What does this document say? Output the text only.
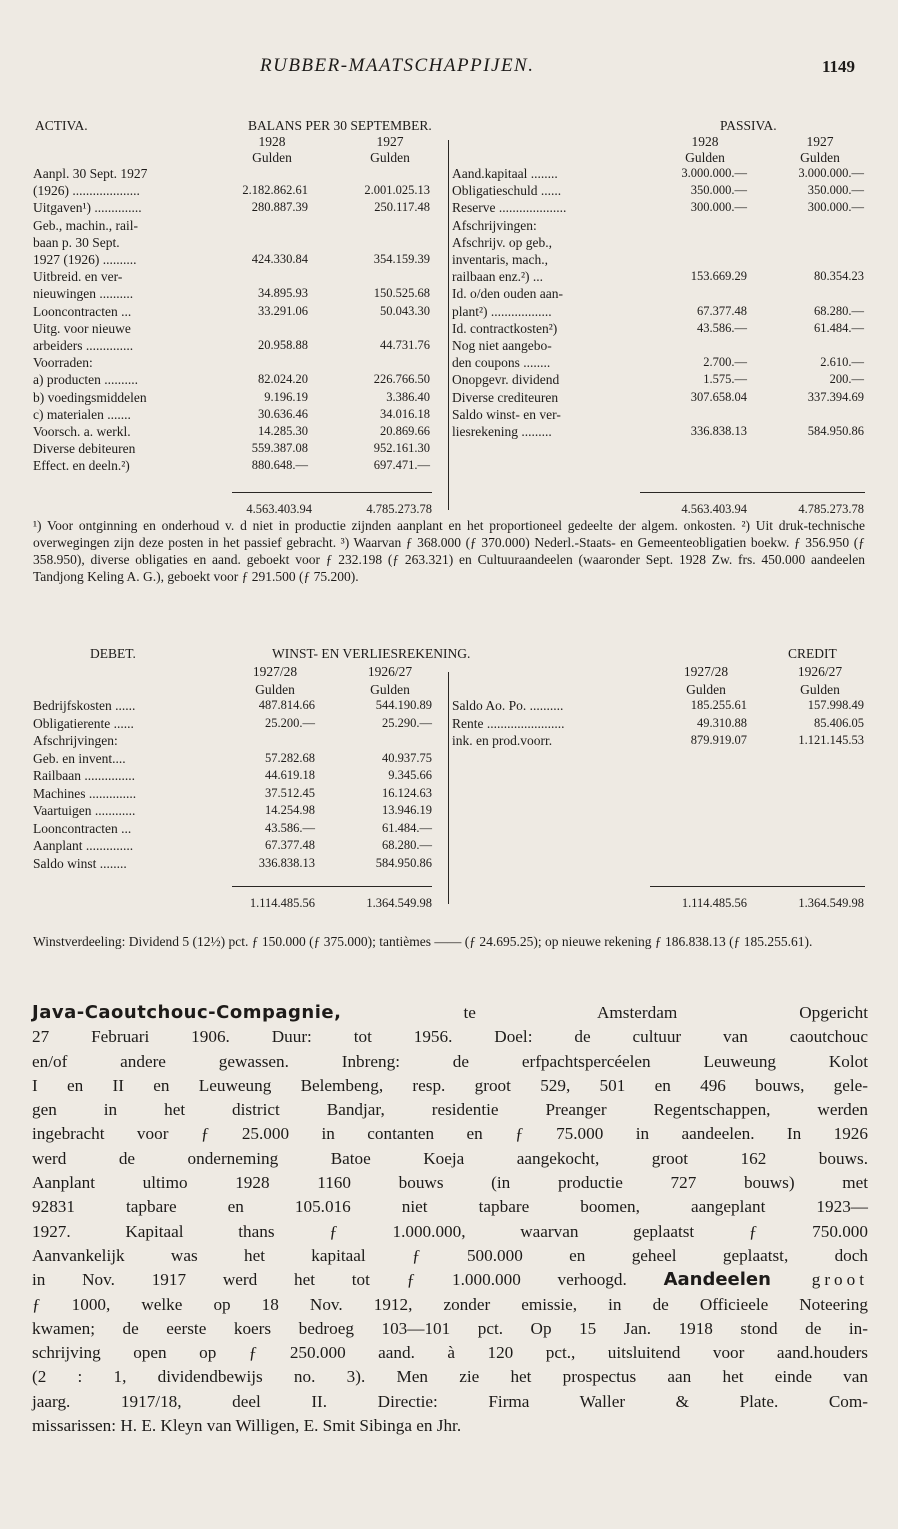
RUBBER-MAATSCHAPPIJEN.	1149
ACTIVA.	BALANS PER 30 SEPTEMBER.	PASSIVA.
1928	1927	1928	1927
Gulden	Gulden	Gulden	Gulden
Aanpl. 30 Sept. 1927
(1926) ....................	2.182.862.61	2.001.025.13
Uitgaven¹) ..............	280.887.39	250.117.48
Geb., machin., rail-
baan p. 30 Sept.
1927 (1926) ..........	424.330.84	354.159.39
Uitbreid. en ver-
nieuwingen ..........	34.895.93	150.525.68
Looncontracten ...	33.291.06	50.043.30
Uitg. voor nieuwe
arbeiders ..............	20.958.88	44.731.76
Voorraden:
a) producten ..........	82.024.20	226.766.50
b) voedingsmiddelen	9.196.19	3.386.40
c) materialen .......	30.636.46	34.016.18
Voorsch. a. werkl.	14.285.30	20.869.66
Diverse debiteuren	559.387.08	952.161.30
Effect. en deeln.²)	880.648.—	697.471.—
Aand.kapitaal ........	3.000.000.—	3.000.000.—
Obligatieschuld ......	350.000.—	350.000.—
Reserve ....................	300.000.—	300.000.—
Afschrijvingen:
Afschrijv. op geb.,
inventaris, mach.,
railbaan enz.²) ...	153.669.29	80.354.23
Id. o/den ouden aan-
plant²) ..................	67.377.48	68.280.—
Id. contractkosten²)	43.586.—	61.484.—
Nog niet aangebo-
den coupons ........	2.700.—	2.610.—
Onopgevr. dividend	1.575.—	200.—
Diverse crediteuren	307.658.04	337.394.69
Saldo winst- en ver-
liesrekening .........	336.838.13	584.950.86
4.563.403.94	4.785.273.78	4.563.403.94	4.785.273.78
¹) Voor ontginning en onderhoud v. d niet in productie zijnden aanplant en het proportioneel gedeelte der algem. onkosten. ²) Uit druk-technische overwegingen zijn deze posten in het passief gebracht. ³) Waarvan ƒ 368.000 (ƒ 370.000) Nederl.-Staats- en Gemeenteobligatien boekw. ƒ 356.950 (ƒ 358.950), diverse obligaties en aand. geboekt voor ƒ 232.198 (ƒ 263.321) en Cultuuraandeelen (waaronder Sept. 1928 Zw. frs. 450.000 aandeelen Tandjong Keling A. G.), geboekt voor ƒ 291.500 (ƒ 75.200).
DEBET.	WINST- EN VERLIESREKENING.	CREDIT
1927/28	1926/27	1927/28	1926/27
Gulden	Gulden	Gulden	Gulden
Bedrijfskosten ......	487.814.66	544.190.89
Obligatierente ......	25.200.—	25.290.—
Afschrijvingen:
Geb. en invent....	57.282.68	40.937.75
Railbaan ...............	44.619.18	9.345.66
Machines ..............	37.512.45	16.124.63
Vaartuigen ............	14.254.98	13.946.19
Looncontracten ...	43.586.—	61.484.—
Aanplant ..............	67.377.48	68.280.—
Saldo winst ........	336.838.13	584.950.86
Saldo Ao. Po. ..........	185.255.61	157.998.49
Rente .......................	49.310.88	85.406.05
ink. en prod.voorr.	879.919.07	1.121.145.53
1.114.485.56	1.364.549.98	1.114.485.56	1.364.549.98
Winstverdeeling: Dividend 5 (12½) pct. ƒ 150.000 (ƒ 375.000); tantièmes —— (ƒ 24.695.25); op nieuwe rekening ƒ 186.838.13 (ƒ 185.255.61).
Java-Caoutchouc-Compagnie, te Amsterdam Opgericht
27 Februari 1906. Duur: tot 1956. Doel: de cultuur van caoutchouc
en/of andere gewassen. Inbreng: de erfpachtspercéelen Leuweung Kolot
I en II en Leuweung Belembeng, resp. groot 529, 501 en 496 bouws, gele-
gen in het district Bandjar, residentie Preanger Regentschappen, werden
ingebracht voor ƒ 25.000 in contanten en ƒ 75.000 in aandeelen. In 1926
werd de onderneming Batoe Koeja aangekocht, groot 162 bouws.
Aanplant ultimo 1928 1160 bouws (in productie 727 bouws) met
92831 tapbare en 105.016 niet tapbare boomen, aangeplant 1923—
1927. Kapitaal thans ƒ 1.000.000, waarvan geplaatst ƒ 750.000
Aanvankelijk was het kapitaal ƒ 500.000 en geheel geplaatst, doch
in Nov. 1917 werd het tot ƒ 1.000.000 verhoogd. Aandeelen groot
ƒ 1000, welke op 18 Nov. 1912, zonder emissie, in de Officieele Noteering
kwamen; de eerste koers bedroeg 103—101 pct. Op 15 Jan. 1918 stond de in-
schrijving open op ƒ 250.000 aand. à 120 pct., uitsluitend voor aand.houders
(2 : 1, dividendbewijs no. 3). Men zie het prospectus aan het einde van
jaarg. 1917/18, deel II. Directie: Firma Waller & Plate. Com-
missarissen: H. E. Kleyn van Willigen, E. Smit Sibinga en Jhr.
